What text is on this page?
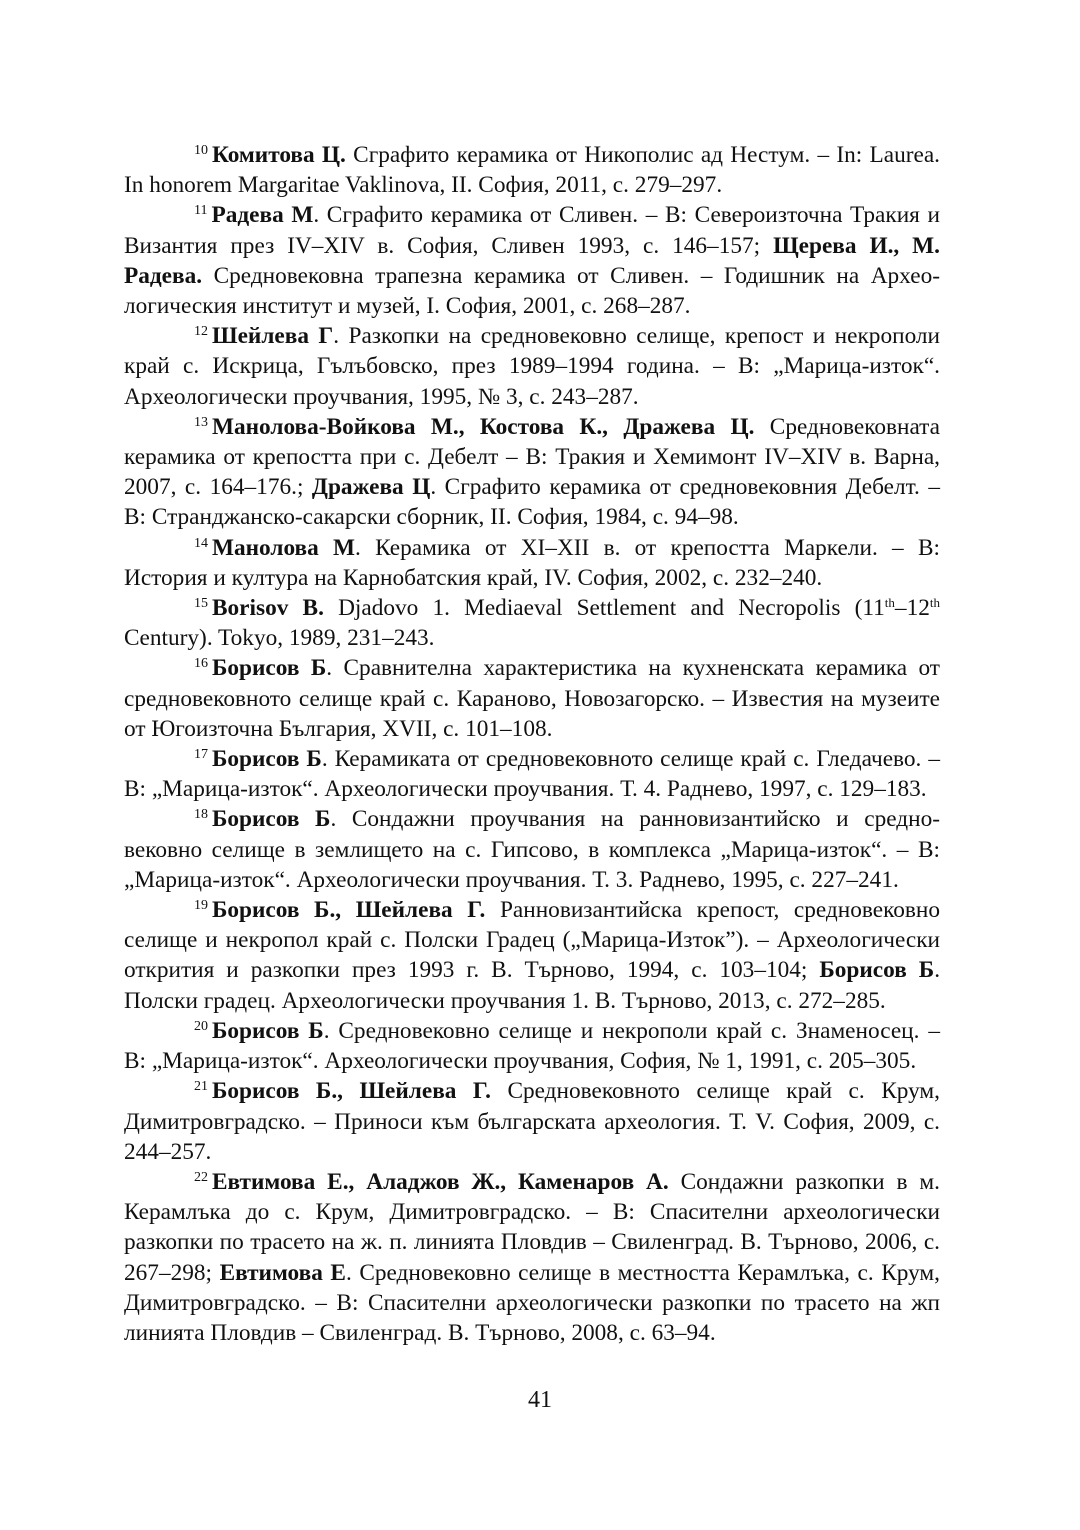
$^{10}$ Комитова Ц. Сграфито керамика от Никополис ад Нестум. – In: Laurea. In honorem Margaritae Vaklinova, II. София, 2011, с. 279–297.

$^{11}$ Радева М. Сграфито керамика от Сливен. – В: Североизточна Тракия и Византия през IV–XIV в. София, Сливен 1993, с. 146–157; Щерева И., М. Радева. Средновековна трапезна керамика от Сливен. – Годишник на Археологическия институт и музей, I. София, 2001, с. 268–287.

$^{12}$ Шейлева Г. Разкопки на средновековно селище, крепост и некрополи край с. Искрица, Гълъбовско, през 1989–1994 година. – В: „Марица-изток“. Археологически проучвания, 1995, № 3, с. 243–287.

$^{13}$ Манолова-Войкова М., Костова К., Дражева Ц. Средновековната керамика от крепостта при с. Дебелт – В: Тракия и Хемимонт IV–XIV в. Варна, 2007, с. 164–176.; Дражева Ц. Сграфито керамика от средновековния Дебелт. – В: Странджанско-сакарски сборник, II. София, 1984, с. 94–98.

$^{14}$ Манолова М. Керамика от XI–XII в. от крепостта Маркели. – В: История и култура на Карнобатския край, IV. София, 2002, с. 232–240.

$^{15}$ Borisov B. Djadovo 1. Mediaeval Settlement and Necropolis (11th–12th Century). Tokyo, 1989, 231–243.

$^{16}$ Борисов Б. Сравнителна характеристика на кухненската керамика от средновековното селище край с. Караново, Новозагорско. – Известия на музеите от Югоизточна България, XVII, с. 101–108.

$^{17}$ Борисов Б. Керамиката от средновековното селище край с. Гледачево. – В: „Марица-изток“. Археологически проучвания. Т. 4. Раднево, 1997, с. 129–183.

$^{18}$ Борисов Б. Сондажни проучвания на ранновизантийско и средновековно селище в землището на с. Гипсово, в комплекса „Марица-изток“. – В: „Марица-изток“. Археологически проучвания. Т. 3. Раднево, 1995, с. 227–241.

$^{19}$ Борисов Б., Шейлева Г. Ранновизантийска крепост, средновековно селище и некропол край с. Полски Градец („Марица-Изток”). – Археологически открития и разкопки през 1993 г. В. Търново, 1994, с. 103–104; Борисов Б. Полски градец. Археологически проучвания 1. В. Търново, 2013, с. 272–285.

$^{20}$ Борисов Б. Средновековно селище и некрополи край с. Знаменосец. – В: „Марица-изток“. Археологически проучвания, София, № 1, 1991, с. 205–305.

$^{21}$ Борисов Б., Шейлева Г. Средновековното селище край с. Крум, Димитровградско. – Приноси към българската археология. Т. V. София, 2009, с. 244–257.

$^{22}$ Евтимова Е., Аладжов Ж., Каменаров А. Сондажни разкопки в м. Керамлъка до с. Крум, Димитровградско. – В: Спасителни археологически разкопки по трасето на ж. п. линията Пловдив – Свиленград. В. Търново, 2006, с. 267–298; Евтимова Е. Средновековно селище в местността Керамлъка, с. Крум, Димитровградско. – В: Спасителни археологически разкопки по трасето на жп линията Пловдив – Свиленград. В. Търново, 2008, с. 63–94.

41
